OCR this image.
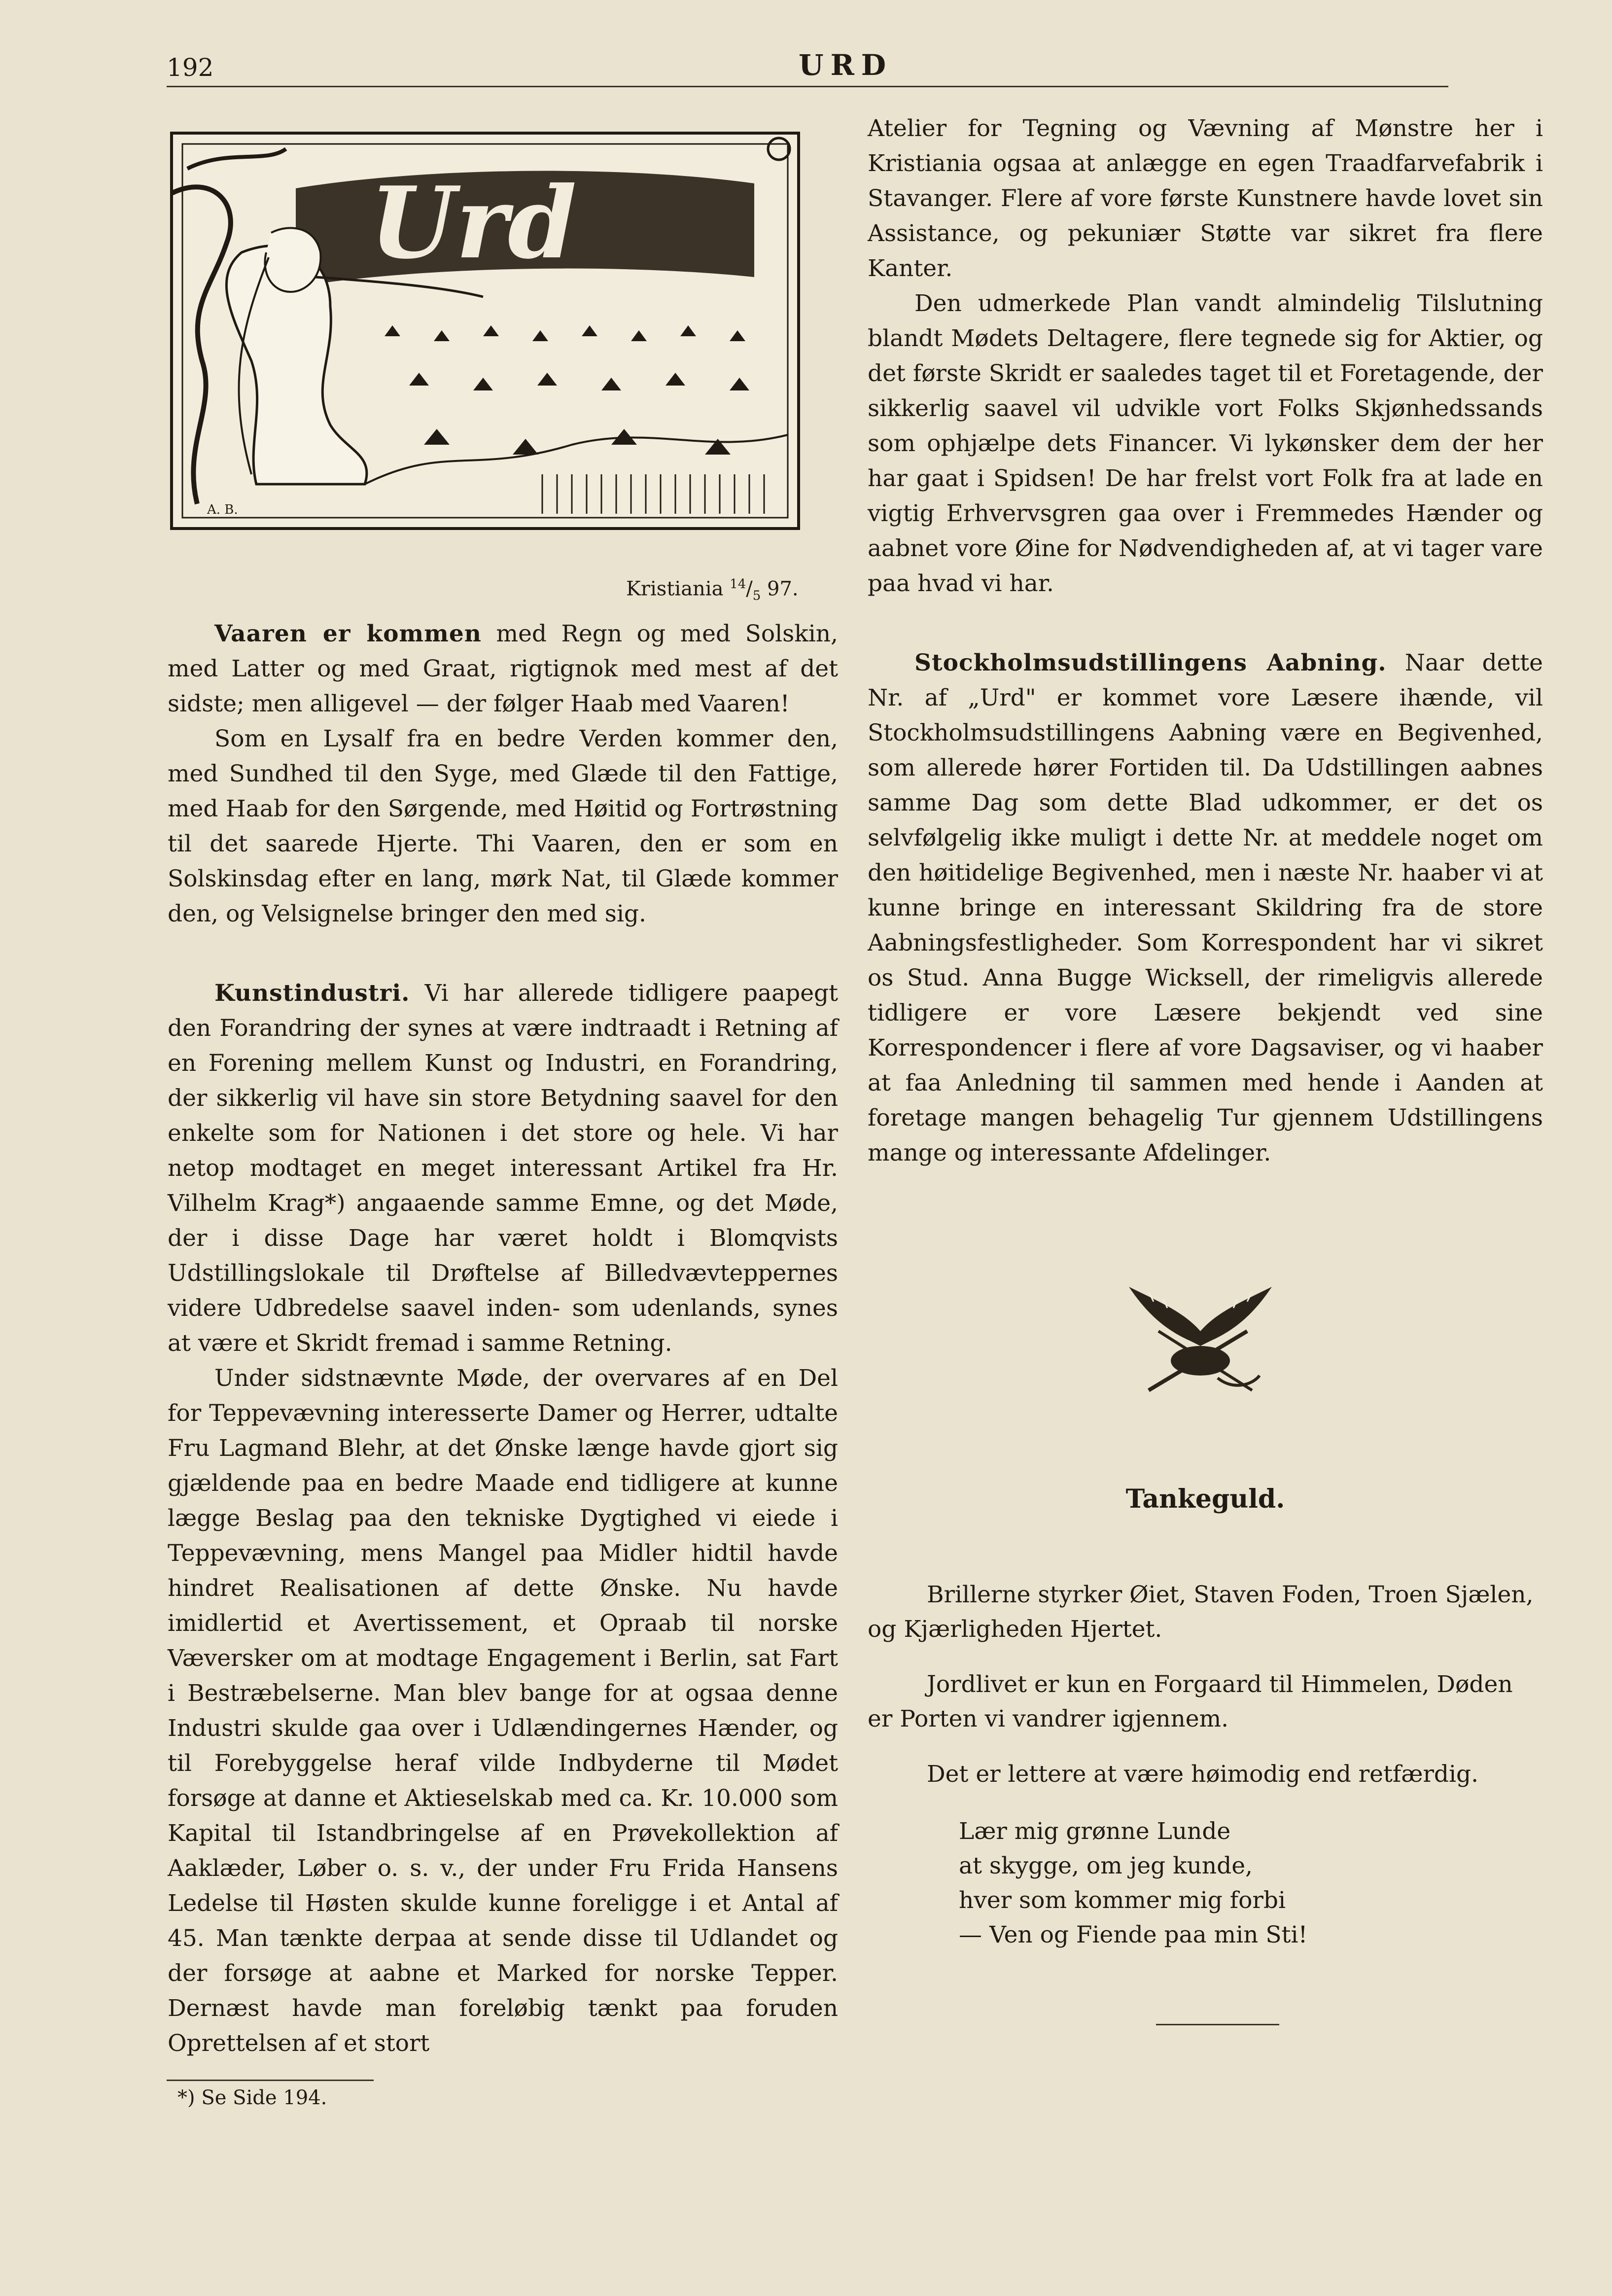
192	URD
Urd
A. B.
Kristiania $^{14}/_5$ 97.

Vaaren er kommen med Regn og med Solskin, med Latter og med Graat, rigtignok med mest af det sidste; men alligevel — der følger Haab med Vaaren!

Som en Lysalf fra en bedre Verden kommer den, med Sundhed til den Syge, med Glæde til den Fattige, med Haab for den Sørgende, med Høitid og Fortrøstning til det saarede Hjerte. Thi Vaaren, den er som en Solskinsdag efter en lang, mørk Nat, til Glæde kommer den, og Velsignelse bringer den med sig.

Kunstindustri. Vi har allerede tidligere paapegt den Forandring der synes at være indtraadt i Retning af en Forening mellem Kunst og Industri, en Forandring, der sikkerlig vil have sin store Betydning saavel for den enkelte som for Nationen i det store og hele. Vi har netop modtaget en meget interessant Artikel fra Hr. Vilhelm Krag*) angaaende samme Emne, og det Møde, der i disse Dage har været holdt i Blomqvists Udstillingslokale til Drøftelse af Billedvævteppernes videre Udbredelse saavel inden- som udenlands, synes at være et Skridt fremad i samme Retning.

Under sidstnævnte Møde, der overvares af en Del for Teppevævning interesserte Damer og Herrer, udtalte Fru Lagmand Blehr, at det Ønske længe havde gjort sig gjældende paa en bedre Maade end tidligere at kunne lægge Beslag paa den tekniske Dygtighed vi eiede i Teppevævning, mens Mangel paa Midler hidtil havde hindret Realisationen af dette Ønske. Nu havde imidlertid et Avertissement, et Opraab til norske Væversker om at modtage Engagement i Berlin, sat Fart i Bestræbelserne. Man blev bange for at ogsaa denne Industri skulde gaa over i Udlændingernes Hænder, og til Forebyggelse heraf vilde Indbyderne til Mødet forsøge at danne et Aktieselskab med ca. Kr. 10.000 som Kapital til Istandbringelse af en Prøvekollektion af Aaklæder, Løber o. s. v., der under Fru Frida Hansens Ledelse til Høsten skulde kunne foreligge i et Antal af 45. Man tænkte derpaa at sende disse til Udlandet og der forsøge at aabne et Marked for norske Tepper. Dernæst havde man foreløbig tænkt paa foruden Oprettelsen af et stort

Atelier for Tegning og Vævning af Mønstre her i Kristiania ogsaa at anlægge en egen Traadfarvefabrik i Stavanger. Flere af vore første Kunstnere havde lovet sin Assistance, og pekuniær Støtte var sikret fra flere Kanter.

Den udmerkede Plan vandt almindelig Tilslutning blandt Mødets Deltagere, flere tegnede sig for Aktier, og det første Skridt er saaledes taget til et Foretagende, der sikkerlig saavel vil udvikle vort Folks Skjønhedssands som ophjælpe dets Financer. Vi lykønsker dem der her har gaat i Spidsen! De har frelst vort Folk fra at lade en vigtig Erhvervsgren gaa over i Fremmedes Hænder og aabnet vore Øine for Nødvendigheden af, at vi tager vare paa hvad vi har.

Stockholmsudstillingens Aabning. Naar dette Nr. af „Urd" er kommet vore Læsere ihænde, vil Stockholmsudstillingens Aabning være en Begivenhed, som allerede hører Fortiden til. Da Udstillingen aabnes samme Dag som dette Blad udkommer, er det os selvfølgelig ikke muligt i dette Nr. at meddele noget om den høitidelige Begivenhed, men i næste Nr. haaber vi at kunne bringe en interessant Skildring fra de store Aabningsfestligheder. Som Korrespondent har vi sikret os Stud. Anna Bugge Wicksell, der rimeligvis allerede tidligere er vore Læsere bekjendt ved sine Korrespondencer i flere af vore Dagsaviser, og vi haaber at faa Anledning til sammen med hende i Aanden at foretage mangen behagelig Tur gjennem Udstillingens mange og interessante Afdelinger.

Tankeguld.

Brillerne styrker Øiet, Staven Foden, Troen Sjælen, og Kjærligheden Hjertet.

Jordlivet er kun en Forgaard til Himmelen, Døden er Porten vi vandrer igjennem.

Det er lettere at være høimodig end retfærdig.

Lær mig grønne Lunde
at skygge, om jeg kunde,
hver som kommer mig forbi
— Ven og Fiende paa min Sti!
*) Se Side 194.
